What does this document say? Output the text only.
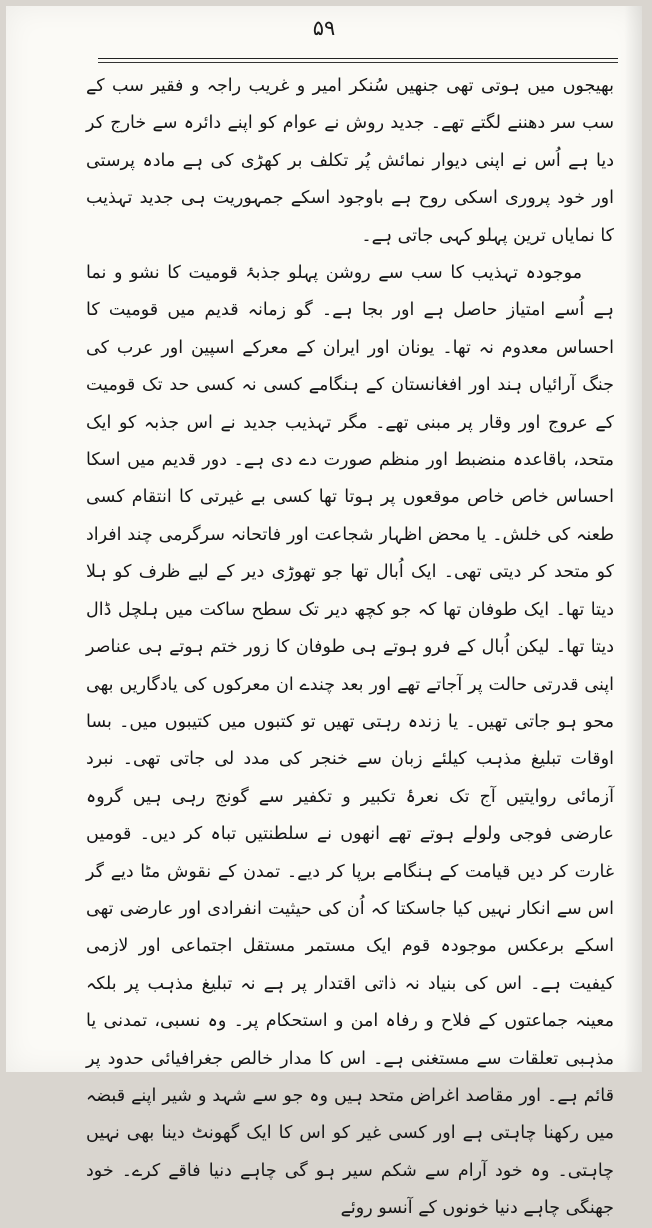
۵۹

بھیجوں میں ہوتی تھی جنھیں سُنکر امیر و غریب راجہ و فقیر سب کے سب سر دھننے لگتے تھے۔ جدید روش نے عوام کو اپنے دائرہ سے خارج کر دیا ہے اُس نے اپنی دیوار نمائش پُر تکلف بر کھڑی کی ہے مادہ پرستی اور خود پروری اسکی روح ہے باوجود اسکے جمہوریت ہی جدید تہذیب کا نمایاں ترین پہلو کہی جاتی ہے۔

موجودہ تہذیب کا سب سے روشن پہلو جذبۂ قومیت کا نشو و نما ہے اُسے امتیاز حاصل ہے اور بجا ہے۔ گو زمانہ قدیم میں قومیت کا احساس معدوم نہ تھا۔ یونان اور ایران کے معرکے اسپین اور عرب کی جنگ آرائیاں ہند اور افغانستان کے ہنگامے کسی نہ کسی حد تک قومیت کے عروج اور وقار پر مبنی تھے۔ مگر تہذیب جدید نے اس جذبہ کو ایک متحد، باقاعدہ منضبط اور منظم صورت دے دی ہے۔ دور قدیم میں اسکا احساس خاص خاص موقعوں پر ہوتا تھا کسی بے غیرتی کا انتقام کسی طعنہ کی خلش۔ یا محض اظہار شجاعت اور فاتحانہ سرگرمی چند افراد کو متحد کر دیتی تھی۔ ایک اُبال تھا جو تھوڑی دیر کے لیے ظرف کو ہلا دیتا تھا۔ ایک طوفان تھا کہ جو کچھ دیر تک سطح ساکت میں ہلچل ڈال دیتا تھا۔ لیکن اُبال کے فرو ہوتے ہی طوفان کا زور ختم ہوتے ہی عناصر اپنی قدرتی حالت پر آجاتے تھے اور بعد چندے ان معرکوں کی یادگاریں بھی محو ہو جاتی تھیں۔ یا زندہ رہتی تھیں تو کتبوں میں کتیبوں میں۔ بسا اوقات تبلیغ مذہب کیلئے زبان سے خنجر کی مدد لی جاتی تھی۔ نبرد آزمائی روایتیں آج تک نعرۂ تکبیر و تکفیر سے گونج رہی ہیں گروہ عارضی فوجی ولولے ہوتے تھے انھوں نے سلطنتیں تباہ کر دیں۔ قومیں غارت کر دیں قیامت کے ہنگامے برپا کر دیے۔ تمدن کے نقوش مٹا دیے گر اس سے انکار نہیں کیا جاسکتا کہ اُن کی حیثیت انفرادی اور عارضی تھی اسکے برعکس موجودہ قوم ایک مستمر مستقل اجتماعی اور لازمی کیفیت ہے۔ اس کی بنیاد نہ ذاتی اقتدار پر ہے نہ تبلیغ مذہب پر بلکہ معینہ جماعتوں کے فلاح و رفاہ امن و استحکام پر۔ وہ نسبی، تمدنی یا مذہبی تعلقات سے مستغنی ہے۔ اس کا مدار خالص جغرافیائی حدود پر قائم ہے۔ اور مقاصد اغراض متحد ہیں وہ جو سے شہد و شیر اپنے قبضہ میں رکھنا چاہتی ہے اور کسی غیر کو اس کا ایک گھونٹ دینا بھی نہیں چاہتی۔ وہ خود آرام سے شکم سیر ہو گی چاہے دنیا فاقے کرے۔ خود جھنگی چاہے دنیا خونوں کے آنسو روئے
